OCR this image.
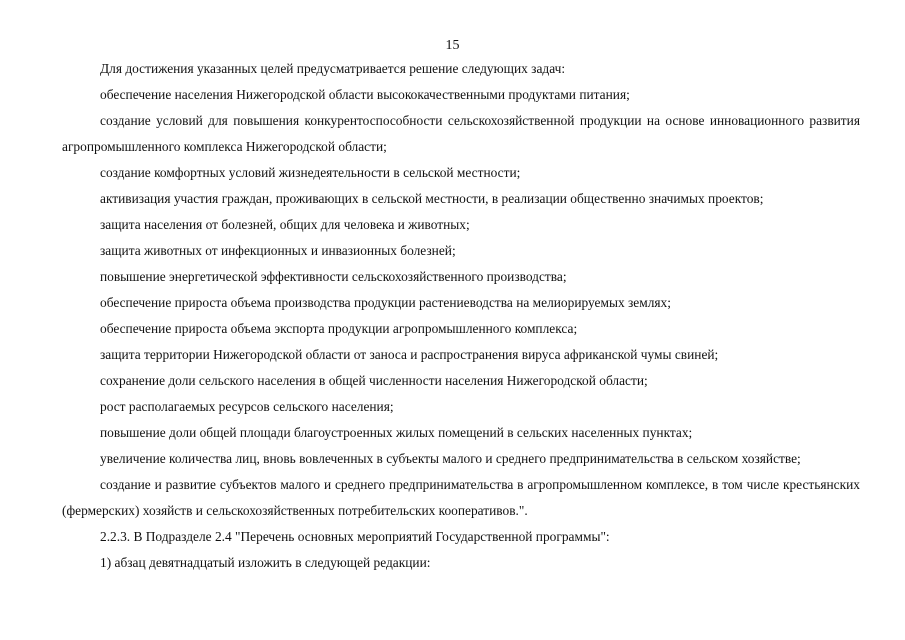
15

Для достижения указанных целей предусматривается решение следующих задач:

обеспечение населения Нижегородской области высококачественными продуктами питания;

создание условий для повышения конкурентоспособности сельскохозяйственной продукции на основе инновационного развития агропромышленного комплекса Нижегородской области;

создание комфортных условий жизнедеятельности в сельской местности;

активизация участия граждан, проживающих в сельской местности, в реализации общественно значимых проектов;

защита населения от болезней, общих для человека и животных;

защита животных от инфекционных и инвазионных болезней;

повышение энергетической эффективности сельскохозяйственного производства;

обеспечение прироста объема производства продукции растениеводства на мелиорируемых землях;

обеспечение прироста объема экспорта продукции агропромышленного комплекса;

защита территории Нижегородской области от заноса и распространения вируса африканской чумы свиней;

сохранение доли сельского населения в общей численности населения Нижегородской области;

рост располагаемых ресурсов сельского населения;

повышение доли общей площади благоустроенных жилых помещений в сельских населенных пунктах;

увеличение количества лиц, вновь вовлеченных в субъекты малого и среднего предпринимательства в сельском хозяйстве;

создание и развитие субъектов малого и среднего предпринимательства в агропромышленном комплексе, в том числе крестьянских (фермерских) хозяйств и сельскохозяйственных потребительских кооперативов.".

2.2.3. В Подразделе 2.4 "Перечень основных мероприятий Государственной программы":

1) абзац девятнадцатый изложить в следующей редакции:
